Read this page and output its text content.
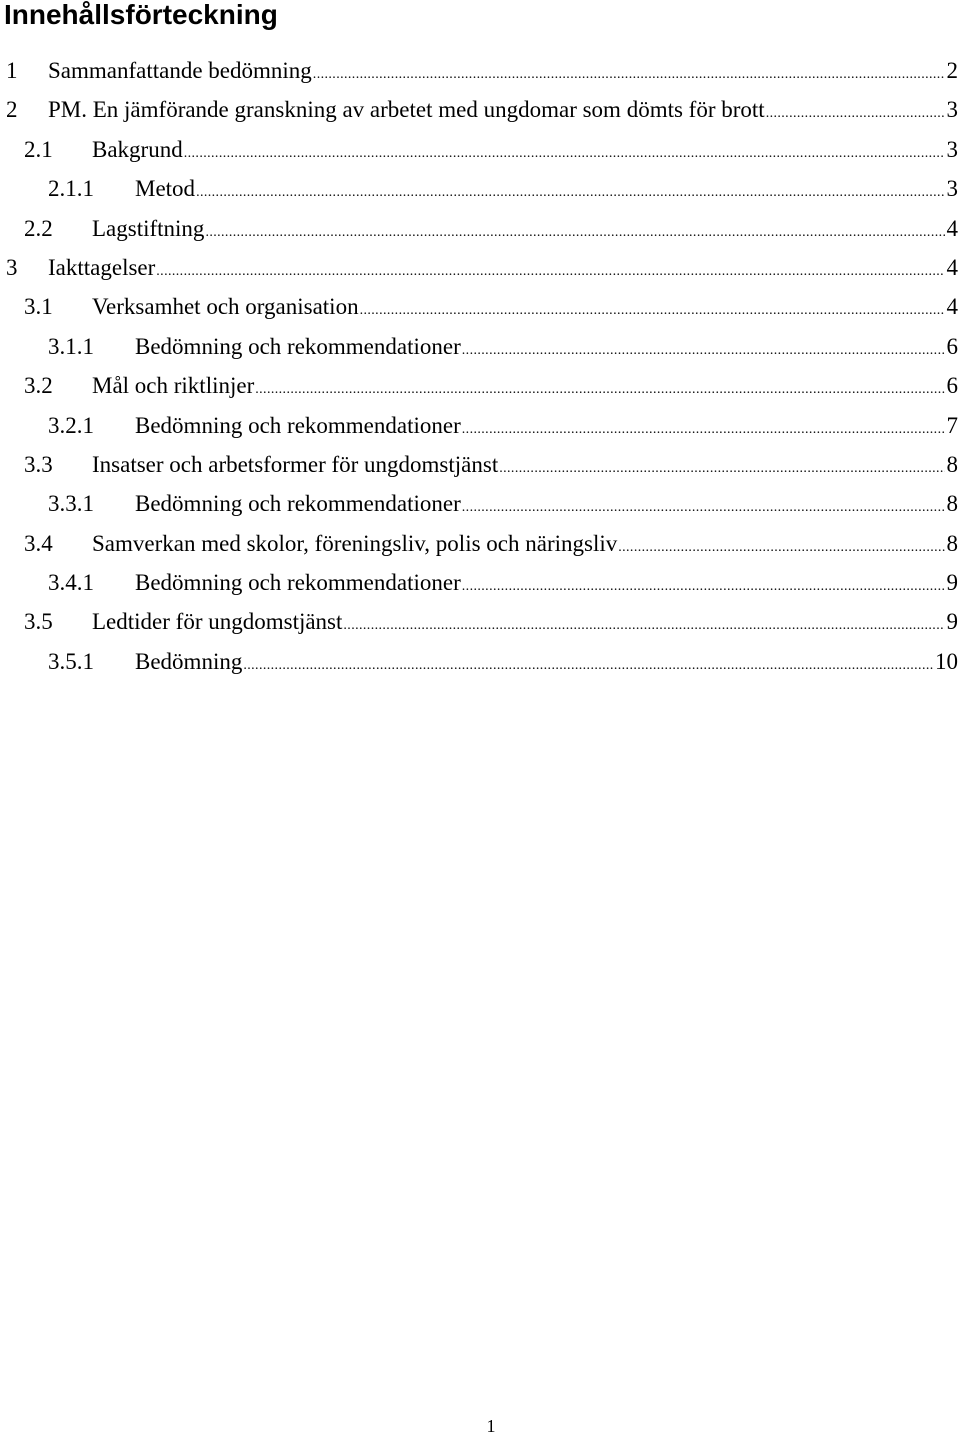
Innehållsförteckning
1 Sammanfattande bedömning .....	2
2 PM. En jämförande granskning av arbetet med ungdomar som dömts för brott .....	3
2.1 Bakgrund .....	3
2.1.1 Metod .....	3
2.2 Lagstiftning .....	4
3 Iakttagelser .....	4
3.1 Verksamhet och organisation .....	4
3.1.1 Bedömning och rekommendationer .....	6
3.2 Mål och riktlinjer .....	6
3.2.1 Bedömning och rekommendationer .....	7
3.3 Insatser och arbetsformer för ungdomstjänst .....	8
3.3.1 Bedömning och rekommendationer .....	8
3.4 Samverkan med skolor, föreningsliv, polis och näringsliv .....	8
3.4.1 Bedömning och rekommendationer .....	9
3.5 Ledtider för ungdomstjänst .....	9
3.5.1 Bedömning .....	10
1
